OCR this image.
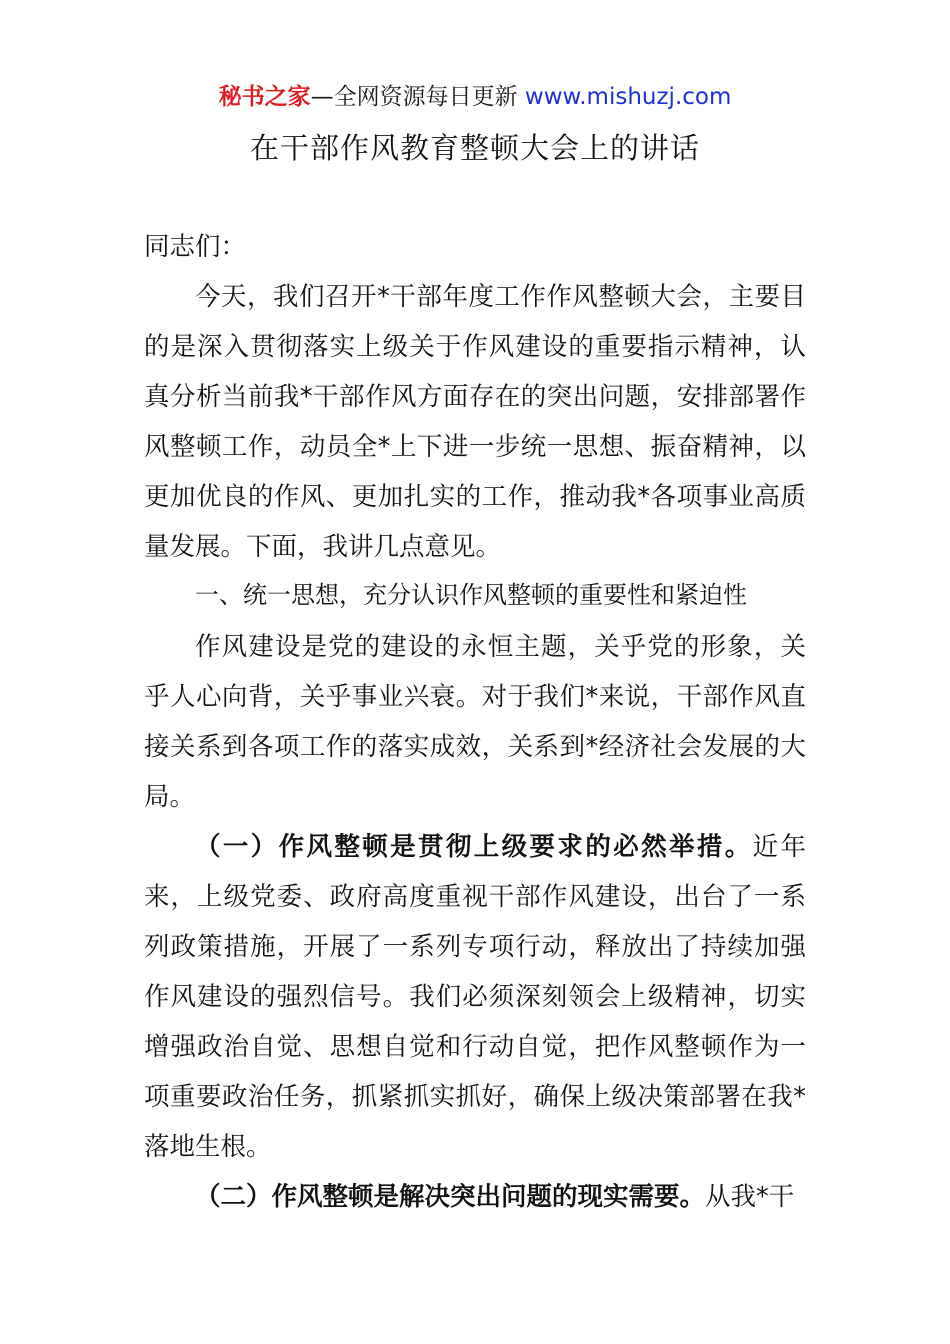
秘书之家—全网资源每日更新 www.mishuzj.com
在干部作风教育整顿大会上的讲话

同志们：

今天，我们召开*干部年度工作作风整顿大会，主要目的是深入贯彻落实上级关于作风建设的重要指示精神，认真分析当前我*干部作风方面存在的突出问题，安排部署作风整顿工作，动员全*上下进一步统一思想、振奋精神，以更加优良的作风、更加扎实的工作，推动我*各项事业高质量发展。下面，我讲几点意见。

一、统一思想，充分认识作风整顿的重要性和紧迫性

作风建设是党的建设的永恒主题，关乎党的形象，关乎人心向背，关乎事业兴衰。对于我们*来说，干部作风直接关系到各项工作的落实成效，关系到*经济社会发展的大局。

（一）作风整顿是贯彻上级要求的必然举措。近年来，上级党委、政府高度重视干部作风建设，出台了一系列政策措施，开展了一系列专项行动，释放出了持续加强作风建设的强烈信号。我们必须深刻领会上级精神，切实增强政治自觉、思想自觉和行动自觉，把作风整顿作为一项重要政治任务，抓紧抓实抓好，确保上级决策部署在我*落地生根。

（二）作风整顿是解决突出问题的现实需要。从我*干
